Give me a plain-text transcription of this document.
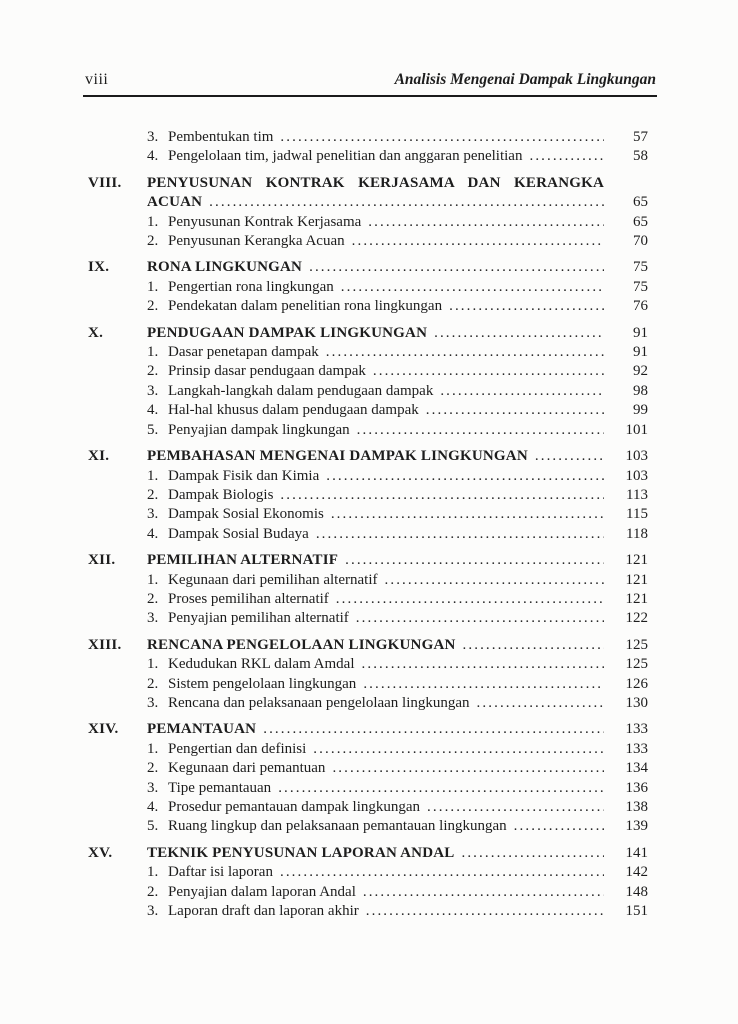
viii	Analisis Mengenai Dampak Lingkungan
3. Pembentukan tim .....	57
4. Pengelolaan tim, jadwal penelitian dan anggaran penelitian .....	58
VIII.	PENYUSUNAN KONTRAK KERJASAMA DAN KERANGKA
ACUAN .....	65
1. Penyusunan Kontrak Kerjasama .....	65
2. Penyusunan Kerangka Acuan .....	70
IX.	RONA LINGKUNGAN .....	75
1. Pengertian rona lingkungan .....	75
2. Pendekatan dalam penelitian rona lingkungan .....	76
X.	PENDUGAAN DAMPAK LINGKUNGAN .....	91
1. Dasar penetapan dampak .....	91
2. Prinsip dasar pendugaan dampak .....	92
3. Langkah-langkah dalam pendugaan dampak .....	98
4. Hal-hal khusus dalam pendugaan dampak .....	99
5. Penyajian dampak lingkungan .....	101
XI.	PEMBAHASAN MENGENAI DAMPAK LINGKUNGAN .....	103
1. Dampak Fisik dan Kimia .....	103
2. Dampak Biologis .....	113
3. Dampak Sosial Ekonomis .....	115
4. Dampak Sosial Budaya .....	118
XII.	PEMILIHAN ALTERNATIF .....	121
1. Kegunaan dari pemilihan alternatif .....	121
2. Proses pemilihan alternatif .....	121
3. Penyajian pemilihan alternatif .....	122
XIII.	RENCANA PENGELOLAAN LINGKUNGAN .....	125
1. Kedudukan RKL dalam Amdal .....	125
2. Sistem pengelolaan lingkungan .....	126
3. Rencana dan pelaksanaan pengelolaan lingkungan .....	130
XIV.	PEMANTAUAN .....	133
1. Pengertian dan definisi .....	133
2. Kegunaan dari pemantuan .....	134
3. Tipe pemantauan .....	136
4. Prosedur pemantauan dampak lingkungan .....	138
5. Ruang lingkup dan pelaksanaan pemantauan lingkungan .....	139
XV.	TEKNIK PENYUSUNAN LAPORAN ANDAL .....	141
1. Daftar isi laporan .....	142
2. Penyajian dalam laporan Andal .....	148
3. Laporan draft dan laporan akhir .....	151
